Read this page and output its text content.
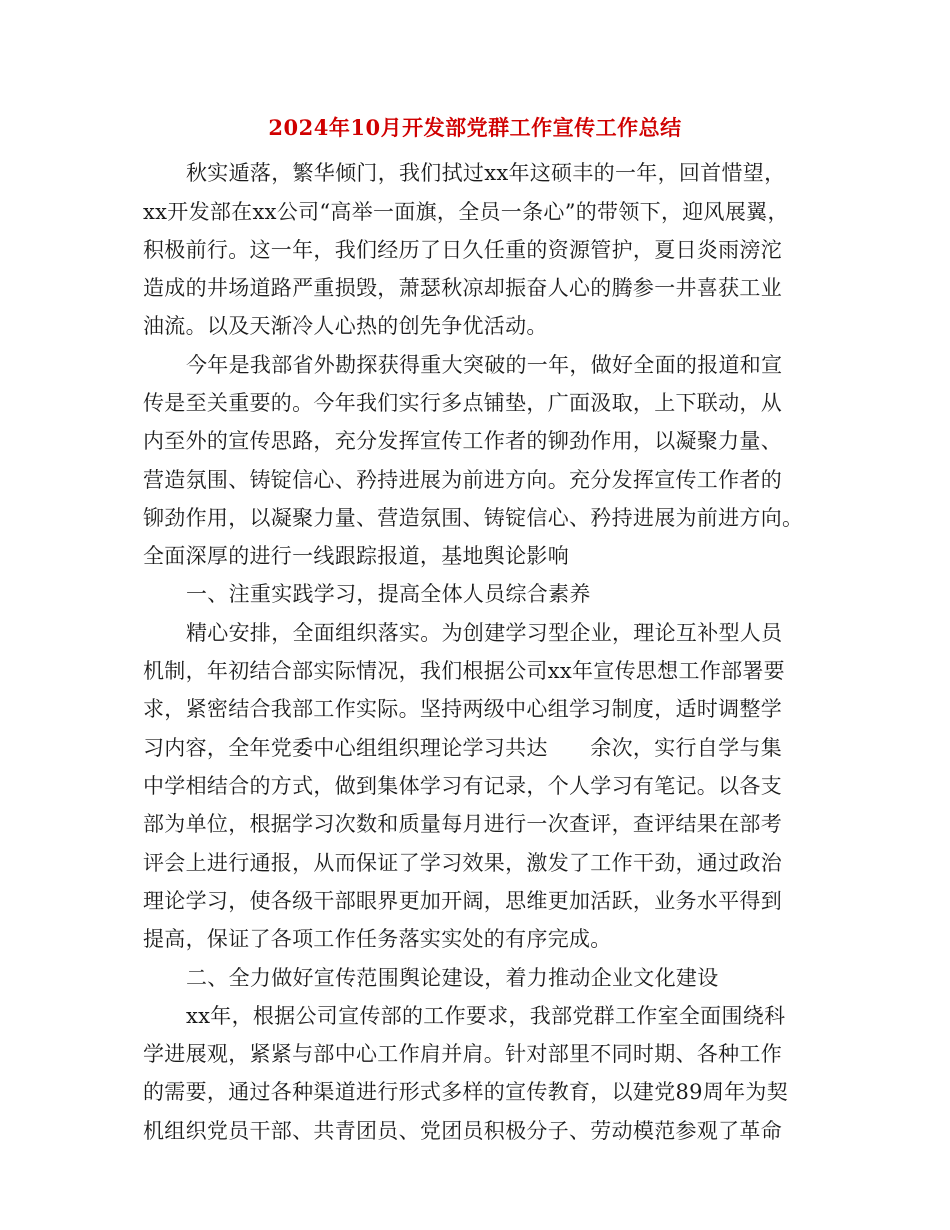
2024年10月开发部党群工作宣传工作总结
秋实遁落，繁华倾门，我们拭过xx年这硕丰的一年，回首惜望，
xx开发部在xx公司“高举一面旗，全员一条心”的带领下，迎风展翼，
积极前行。这一年，我们经历了日久任重的资源管护，夏日炎雨滂沱
造成的井场道路严重损毁，萧瑟秋凉却振奋人心的腾参一井喜获工业
油流。以及天渐冷人心热的创先争优活动。
今年是我部省外勘探获得重大突破的一年，做好全面的报道和宣
传是至关重要的。今年我们实行多点铺垫，广面汲取，上下联动，从
内至外的宣传思路，充分发挥宣传工作者的铆劲作用，以凝聚力量、
营造氛围、铸锭信心、矜持进展为前进方向。充分发挥宣传工作者的
铆劲作用，以凝聚力量、营造氛围、铸锭信心、矜持进展为前进方向。
全面深厚的进行一线跟踪报道，基地舆论影响
一、注重实践学习，提高全体人员综合素养
精心安排，全面组织落实。为创建学习型企业，理论互补型人员
机制，年初结合部实际情况，我们根据公司xx年宣传思想工作部署要
求，紧密结合我部工作实际。坚持两级中心组学习制度，适时调整学
习内容，全年党委中心组组织理论学习共达　　余次，实行自学与集
中学相结合的方式，做到集体学习有记录，个人学习有笔记。以各支
部为单位，根据学习次数和质量每月进行一次查评，查评结果在部考
评会上进行通报，从而保证了学习效果，激发了工作干劲，通过政治
理论学习，使各级干部眼界更加开阔，思维更加活跃，业务水平得到
提高，保证了各项工作任务落实实处的有序完成。
二、全力做好宣传范围舆论建设，着力推动企业文化建设
xx年，根据公司宣传部的工作要求，我部党群工作室全面围绕科
学进展观，紧紧与部中心工作肩并肩。针对部里不同时期、各种工作
的需要，通过各种渠道进行形式多样的宣传教育，以建党89周年为契
机组织党员干部、共青团员、党团员积极分子、劳动模范参观了革命
